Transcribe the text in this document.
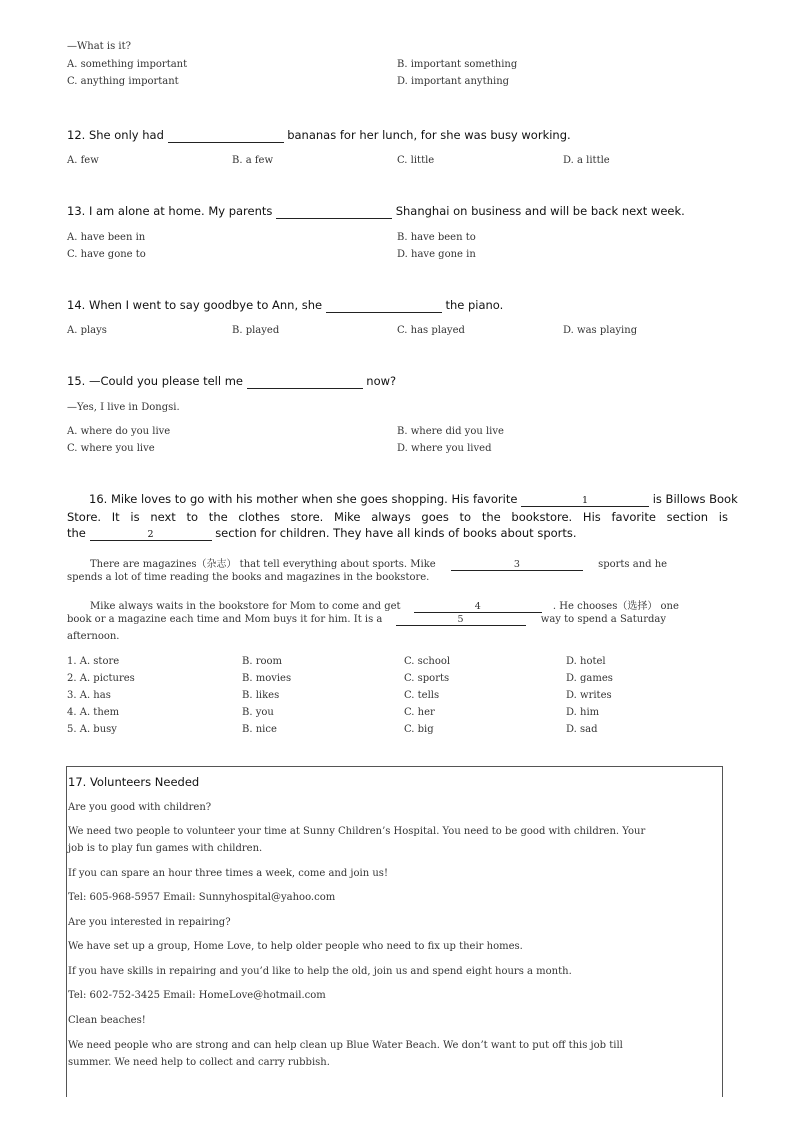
—What is it?
A. something important	B. important something
C. anything important	D. important anything
12. She only had	bananas for her lunch, for she was busy working.
A. few	B. a few	C. little	D. a little
13. I am alone at home. My parents	Shanghai on business and will be back next week.
A. have been in	B. have been to
C. have gone to	D. have gone in
14. When I went to say goodbye to Ann, she	the piano.
A. plays	B. played	C. has played	D. was playing
15. —Could you please tell me	now?
—Yes, I live in Dongsi.
A. where do you live	B. where did you live
C. where you live	D. where you lived
16. Mike loves to go with his mother when she goes shopping. His favorite	1	is Billows Book
Store. It is next to the clothes store. Mike always goes to the bookstore. His favorite section is
the	2	section for children. They have all kinds of books about sports.
There are magazines（杂志） that tell everything about sports. Mike	3	sports and he
spends a lot of time reading the books and magazines in the bookstore.
Mike always waits in the bookstore for Mom to come and get	4	. He chooses（选择） one
book or a magazine each time and Mom buys it for him. It is a	5	way to spend a Saturday
afternoon.
1. A. store	B. room	C. school	D. hotel
2. A. pictures	B. movies	C. sports	D. games
3. A. has	B. likes	C. tells	D. writes
4. A. them	B. you	C. her	D. him
5. A. busy	B. nice	C. big	D. sad
17. Volunteers Needed
Are you good with children?
We need two people to volunteer your time at Sunny Children’s Hospital. You need to be good with children. Your
job is to play fun games with children.
If you can spare an hour three times a week, come and join us!
Tel: 605-968-5957 Email: Sunnyhospital@yahoo.com
Are you interested in repairing?
We have set up a group, Home Love, to help older people who need to fix up their homes.
If you have skills in repairing and you’d like to help the old, join us and spend eight hours a month.
Tel: 602-752-3425 Email: HomeLove@hotmail.com
Clean beaches!
We need people who are strong and can help clean up Blue Water Beach. We don’t want to put off this job till
summer. We need help to collect and carry rubbish.
